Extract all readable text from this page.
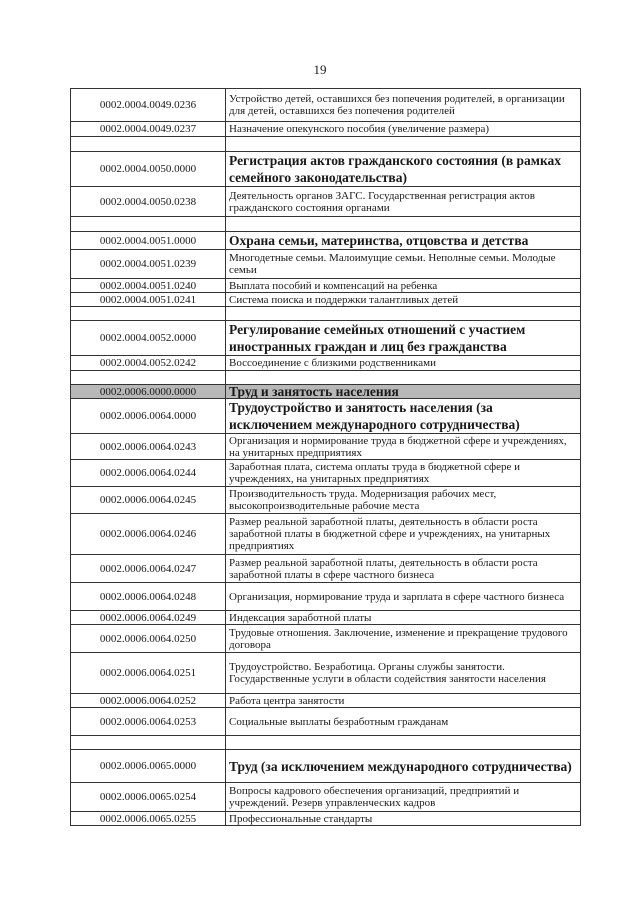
19
0002.0004.0049.0236	Устройство детей, оставшихся без попечения родителей, в организации для детей, оставшихся без попечения родителей
0002.0004.0049.0237	Назначение опекунского пособия (увеличение размера)

0002.0004.0050.0000	Регистрация актов гражданского состояния (в рамках семейного законодательства)
0002.0004.0050.0238	Деятельность органов ЗАГС. Государственная регистрация актов гражданского состояния органами

0002.0004.0051.0000	Охрана семьи, материнства, отцовства и детства
0002.0004.0051.0239	Многодетные семьи. Малоимущие семьи. Неполные семьи. Молодые семьи
0002.0004.0051.0240	Выплата пособий и компенсаций на ребенка
0002.0004.0051.0241	Система поиска и поддержки талантливых детей

0002.0004.0052.0000	Регулирование семейных отношений с участием иностранных граждан и лиц без гражданства
0002.0004.0052.0242	Воссоединение с близкими родственниками

0002.0006.0000.0000	Труд и занятость населения
0002.0006.0064.0000	Трудоустройство и занятость населения (за исключением международного сотрудничества)
0002.0006.0064.0243	Организация и нормирование труда в бюджетной сфере и учреждениях, на унитарных предприятиях
0002.0006.0064.0244	Заработная плата, система оплаты труда в бюджетной сфере и учреждениях, на унитарных предприятиях
0002.0006.0064.0245	Производительность труда. Модернизация рабочих мест, высокопроизводительные рабочие места
0002.0006.0064.0246	Размер реальной заработной платы, деятельность в области роста заработной платы в бюджетной сфере и учреждениях, на унитарных предприятиях
0002.0006.0064.0247	Размер реальной заработной платы, деятельность в области роста заработной платы в сфере частного бизнеса
0002.0006.0064.0248	Организация, нормирование труда и зарплата в сфере частного бизнеса
0002.0006.0064.0249	Индексация заработной платы
0002.0006.0064.0250	Трудовые отношения. Заключение, изменение и прекращение трудового договора
0002.0006.0064.0251	Трудоустройство. Безработица. Органы службы занятости. Государственные услуги в области содействия занятости населения
0002.0006.0064.0252	Работа центра занятости
0002.0006.0064.0253	Социальные выплаты безработным гражданам

0002.0006.0065.0000	Труд (за исключением международного сотрудничества)
0002.0006.0065.0254	Вопросы кадрового обеспечения организаций, предприятий и учреждений. Резерв управленческих кадров
0002.0006.0065.0255	Профессиональные стандарты
